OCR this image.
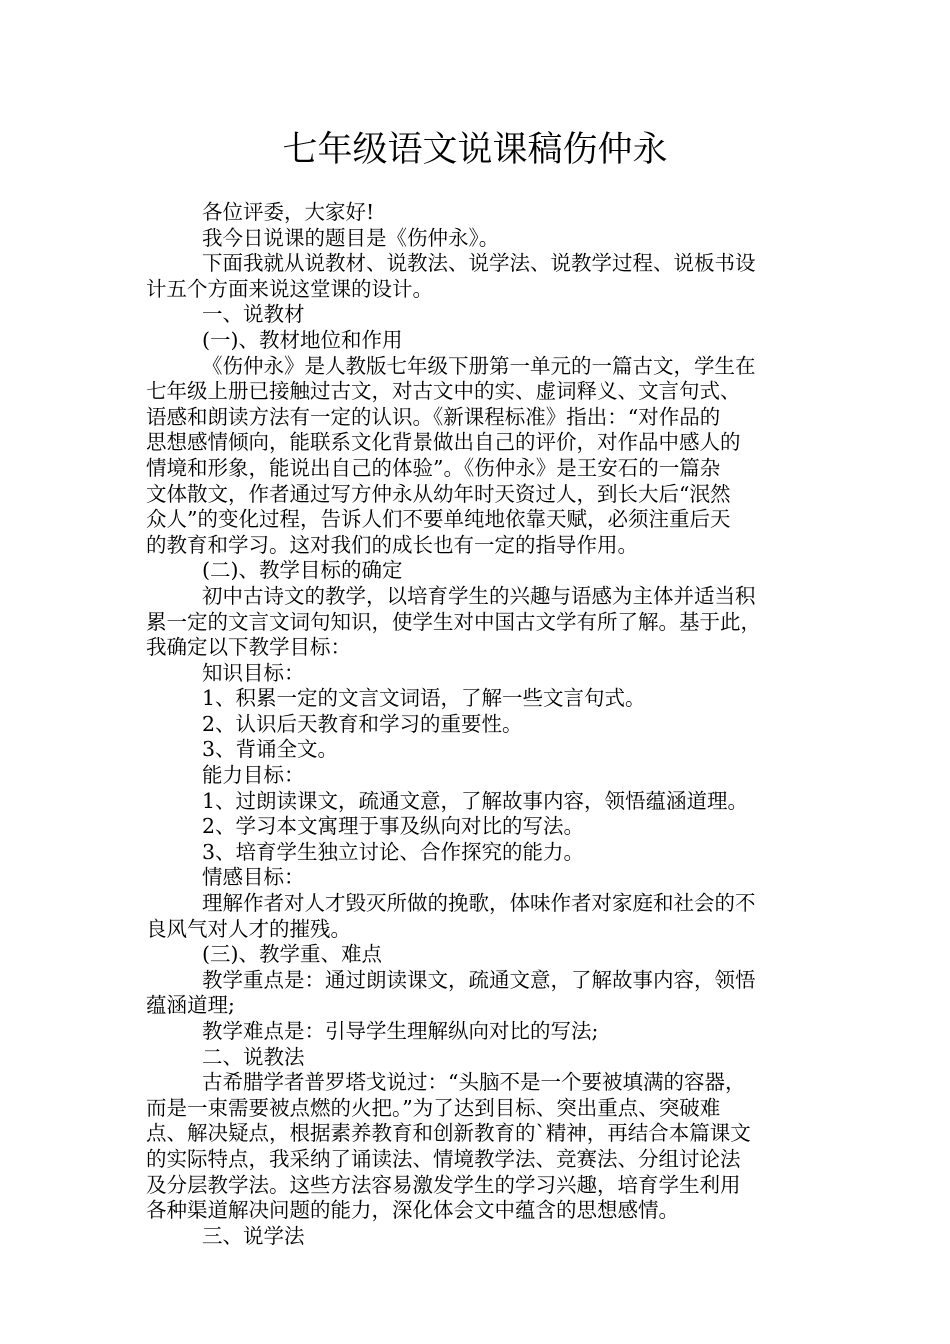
七年级语文说课稿伤仲永
各位评委，大家好!
我今日说课的题目是《伤仲永》。
下面我就从说教材、说教法、说学法、说教学过程、说板书设
计五个方面来说这堂课的设计。
一、说教材
(一)、教材地位和作用
《伤仲永》是人教版七年级下册第一单元的一篇古文，学生在
七年级上册已接触过古文，对古文中的实、虚词释义、文言句式、
语感和朗读方法有一定的认识。《新课程标准》指出：“对作品的
思想感情倾向，能联系文化背景做出自己的评价，对作品中感人的
情境和形象，能说出自己的体验”。《伤仲永》是王安石的一篇杂
文体散文，作者通过写方仲永从幼年时天资过人，到长大后“泯然
众人”的变化过程，告诉人们不要单纯地依靠天赋，必须注重后天
的教育和学习。这对我们的成长也有一定的指导作用。
(二)、教学目标的确定
初中古诗文的教学，以培育学生的兴趣与语感为主体并适当积
累一定的文言文词句知识，使学生对中国古文学有所了解。基于此，
我确定以下教学目标：
知识目标：
1、积累一定的文言文词语，了解一些文言句式。
2、认识后天教育和学习的重要性。
3、背诵全文。
能力目标：
1、过朗读课文，疏通文意，了解故事内容，领悟蕴涵道理。
2、学习本文寓理于事及纵向对比的写法。
3、培育学生独立讨论、合作探究的能力。
情感目标：
理解作者对人才毁灭所做的挽歌，体味作者对家庭和社会的不
良风气对人才的摧残。
(三)、教学重、难点
教学重点是：通过朗读课文，疏通文意，了解故事内容，领悟
蕴涵道理;
教学难点是：引导学生理解纵向对比的写法;
二、说教法
古希腊学者普罗塔戈说过：“头脑不是一个要被填满的容器，
而是一束需要被点燃的火把。”为了达到目标、突出重点、突破难
点、解决疑点，根据素养教育和创新教育的`精神，再结合本篇课文
的实际特点，我采纳了诵读法、情境教学法、竞赛法、分组讨论法
及分层教学法。这些方法容易激发学生的学习兴趣，培育学生利用
各种渠道解决问题的能力，深化体会文中蕴含的思想感情。
三、说学法
